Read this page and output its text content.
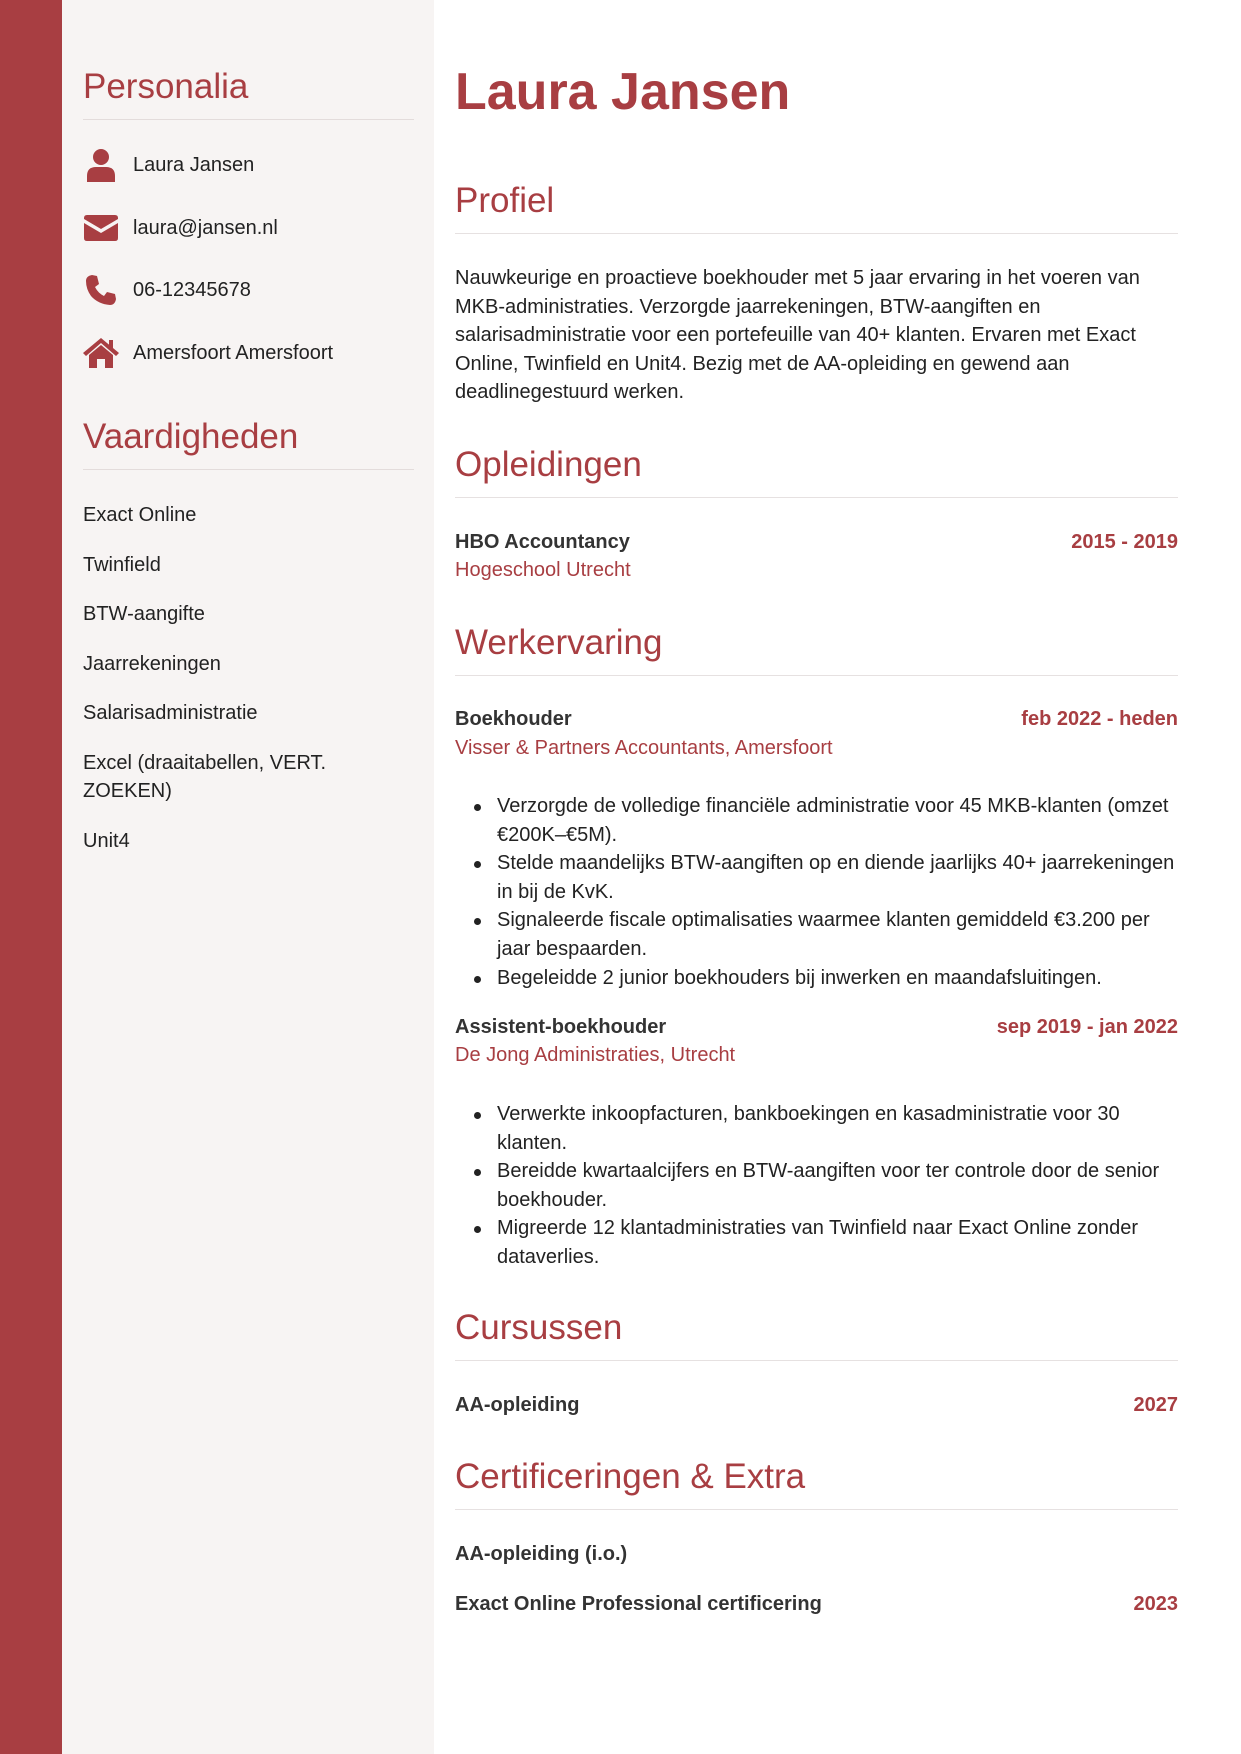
Personalia
Laura Jansen
laura@jansen.nl
06-12345678
Amersfoort Amersfoort
Vaardigheden
Exact Online
Twinfield
BTW-aangifte
Jaarrekeningen
Salarisadministratie
Excel (draaitabellen, VERT. ZOEKEN)
Unit4
Laura Jansen
Profiel

Nauwkeurige en proactieve boekhouder met 5 jaar ervaring in het voeren van MKB-administraties. Verzorgde jaarrekeningen, BTW-aangiften en salarisadministratie voor een portefeuille van 40+ klanten. Ervaren met Exact Online, Twinfield en Unit4. Bezig met de AA-opleiding en gewend aan deadlinegestuurd werken.

Opleidingen
HBO Accountancy	2015 - 2019
Hogeschool Utrecht
Werkervaring
Boekhouder	feb 2022 - heden
Visser & Partners Accountants, Amersfoort
Verzorgde de volledige financiële administratie voor 45 MKB-klanten (omzet €200K–€5M).
Stelde maandelijks BTW-aangiften op en diende jaarlijks 40+ jaarrekeningen in bij de KvK.
Signaleerde fiscale optimalisaties waarmee klanten gemiddeld €3.200 per jaar bespaarden.
Begeleidde 2 junior boekhouders bij inwerken en maandafsluitingen.
Assistent-boekhouder	sep 2019 - jan 2022
De Jong Administraties, Utrecht
Verwerkte inkoopfacturen, bankboekingen en kasadministratie voor 30 klanten.
Bereidde kwartaalcijfers en BTW-aangiften voor ter controle door de senior boekhouder.
Migreerde 12 klantadministraties van Twinfield naar Exact Online zonder dataverlies.
Cursussen
AA-opleiding	2027
Certificeringen & Extra
AA-opleiding (i.o.)
Exact Online Professional certificering	2023
